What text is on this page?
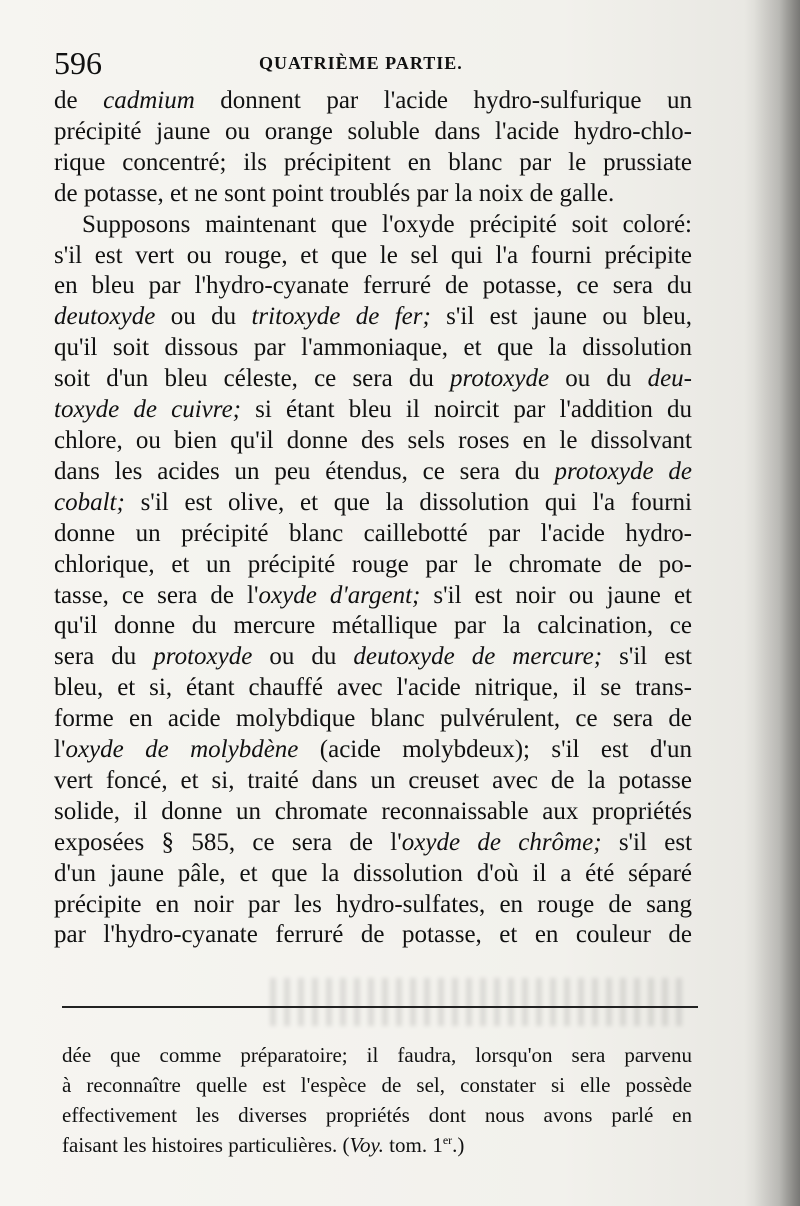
596	QUATRIÈME PARTIE.
de cadmium donnent par l'acide hydro-sulfurique un
précipité jaune ou orange soluble dans l'acide hydro-chlo-
rique concentré; ils précipitent en blanc par le prussiate
de potasse, et ne sont point troublés par la noix de galle.
Supposons maintenant que l'oxyde précipité soit coloré:
s'il est vert ou rouge, et que le sel qui l'a fourni précipite
en bleu par l'hydro-cyanate ferruré de potasse, ce sera du
deutoxyde ou du tritoxyde de fer; s'il est jaune ou bleu,
qu'il soit dissous par l'ammoniaque, et que la dissolution
soit d'un bleu céleste, ce sera du protoxyde ou du deu-
toxyde de cuivre; si étant bleu il noircit par l'addition du
chlore, ou bien qu'il donne des sels roses en le dissolvant
dans les acides un peu étendus, ce sera du protoxyde de
cobalt; s'il est olive, et que la dissolution qui l'a fourni
donne un précipité blanc caillebotté par l'acide hydro-
chlorique, et un précipité rouge par le chromate de po-
tasse, ce sera de l'oxyde d'argent; s'il est noir ou jaune et
qu'il donne du mercure métallique par la calcination, ce
sera du protoxyde ou du deutoxyde de mercure; s'il est
bleu, et si, étant chauffé avec l'acide nitrique, il se trans-
forme en acide molybdique blanc pulvérulent, ce sera de
l'oxyde de molybdène (acide molybdeux); s'il est d'un
vert foncé, et si, traité dans un creuset avec de la potasse
solide, il donne un chromate reconnaissable aux propriétés
exposées § 585, ce sera de l'oxyde de chrôme; s'il est
d'un jaune pâle, et que la dissolution d'où il a été séparé
précipite en noir par les hydro-sulfates, en rouge de sang
par l'hydro-cyanate ferruré de potasse, et en couleur de
dée que comme préparatoire; il faudra, lorsqu'on sera parvenu
à reconnaître quelle est l'espèce de sel, constater si elle possède
effectivement les diverses propriétés dont nous avons parlé en
faisant les histoires particulières. (Voy. tom. 1er.)
